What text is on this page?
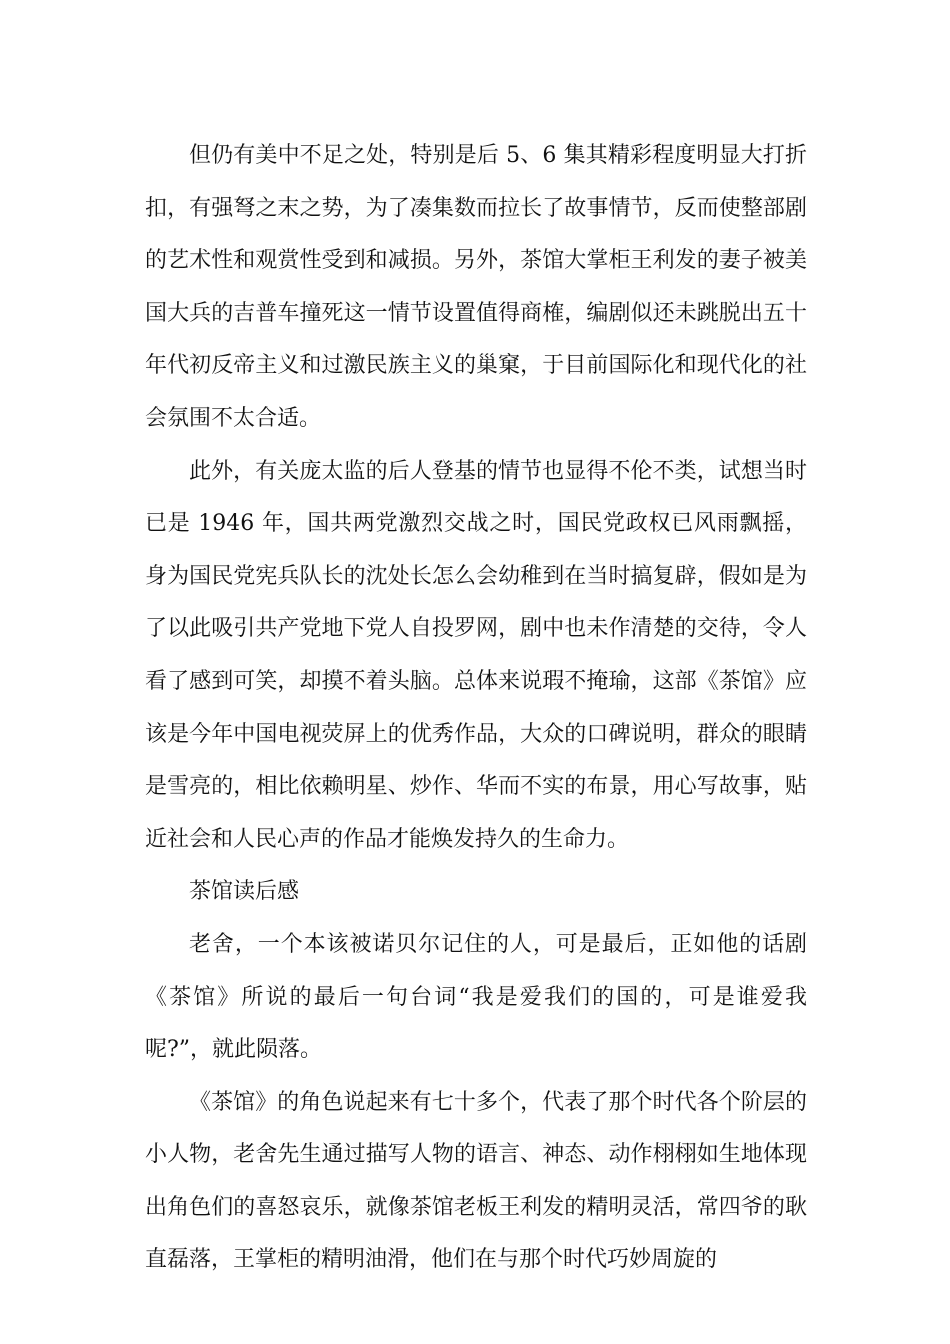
但仍有美中不足之处，特别是后 5、6 集其精彩程度明显大打折扣，有强弩之末之势，为了凑集数而拉长了故事情节，反而使整部剧的艺术性和观赏性受到和减损。另外，茶馆大掌柜王利发的妻子被美国大兵的吉普车撞死这一情节设置值得商榷，编剧似还未跳脱出五十年代初反帝主义和过激民族主义的巢窠，于目前国际化和现代化的社会氛围不太合适。

此外，有关庞太监的后人登基的情节也显得不伦不类，试想当时已是 1946 年，国共两党激烈交战之时，国民党政权已风雨飘摇，身为国民党宪兵队长的沈处长怎么会幼稚到在当时搞复辟，假如是为了以此吸引共产党地下党人自投罗网，剧中也未作清楚的交待，令人看了感到可笑，却摸不着头脑。总体来说瑕不掩瑜，这部《茶馆》应该是今年中国电视荧屏上的优秀作品，大众的口碑说明，群众的眼睛是雪亮的，相比依赖明星、炒作、华而不实的布景，用心写故事，贴近社会和人民心声的作品才能焕发持久的生命力。

茶馆读后感

老舍，一个本该被诺贝尔记住的人，可是最后，正如他的话剧《茶馆》所说的最后一句台词“我是爱我们的国的，可是谁爱我呢?”，就此陨落。

《茶馆》的角色说起来有七十多个，代表了那个时代各个阶层的小人物，老舍先生通过描写人物的语言、神态、动作栩栩如生地体现出角色们的喜怒哀乐，就像茶馆老板王利发的精明灵活，常四爷的耿直磊落，王掌柜的精明油滑，他们在与那个时代巧妙周旋的
